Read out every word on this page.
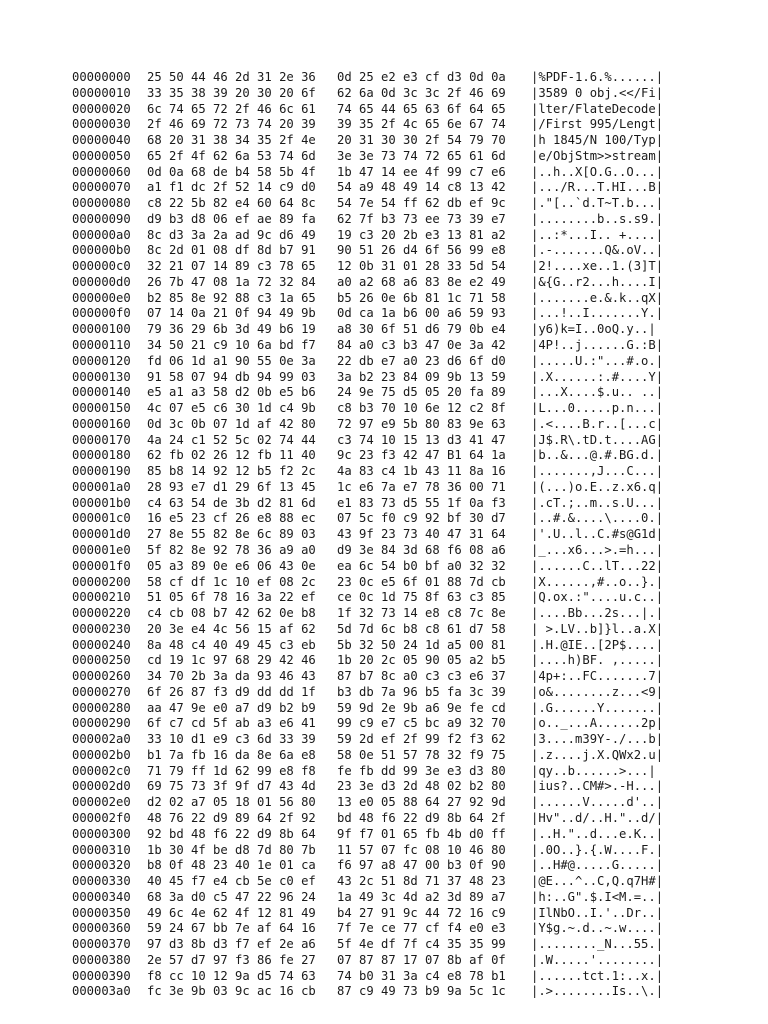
00000000 25 50 44 46 2d 31 2e 36 0d 25 e2 e3 cf d3 0d 0a |%PDF-1.6.%......|
00000010 33 35 38 39 20 30 20 6f 62 6a 0d 3c 3c 2f 46 69 |3589 0 obj.<</Fi|
00000020 6c 74 65 72 2f 46 6c 61 74 65 44 65 63 6f 64 65 |lter/FlateDecode|
00000030 2f 46 69 72 73 74 20 39 39 35 2f 4c 65 6e 67 74 |/First 995/Lengt|
00000040 68 20 31 38 34 35 2f 4e 20 31 30 30 2f 54 79 70 |h 1845/N 100/Typ|
00000050 65 2f 4f 62 6a 53 74 6d 3e 3e 73 74 72 65 61 6d |e/ObjStm>>stream|
00000060 0d 0a 68 de b4 58 5b 4f 1b 47 14 ee 4f 99 c7 e6 |..h..X[O.G..O...|
00000070 a1 f1 dc 2f 52 14 c9 d0 54 a9 48 49 14 c8 13 42 |.../R...T.HI...B|
00000080 c8 22 5b 82 e4 60 64 8c 54 7e 54 ff 62 db ef 9c |."[..`d.T~T.b...|
00000090 d9 b3 d8 06 ef ae 89 fa 62 7f b3 73 ee 73 39 e7 |........b..s.s9.|
000000a0 8c d3 3a 2a ad 9c d6 49 19 c3 20 2b e3 13 81 a2 |..:*...I.. +....|
000000b0 8c 2d 01 08 df 8d b7 91 90 51 26 d4 6f 56 99 e8 |.-.......Q&.oV..|
000000c0 32 21 07 14 89 c3 78 65 12 0b 31 01 28 33 5d 54 |2!....xe..1.(3]T|
000000d0 26 7b 47 08 1a 72 32 84 a0 a2 68 a6 83 8e e2 49 |&{G..r2...h....I|
000000e0 b2 85 8e 92 88 c3 1a 65 b5 26 0e 6b 81 1c 71 58 |.......e.&.k..qX|
000000f0 07 14 0a 21 0f 94 49 9b 0d ca 1a b6 00 a6 59 93 |...!..I.......Y.|
00000100 79 36 29 6b 3d 49 b6 19 a8 30 6f 51 d6 79 0b e4 |y6)k=I..0oQ.y..|
00000110 34 50 21 c9 10 6a bd f7 84 a0 c3 b3 47 0e 3a 42 |4P!..j......G.:B|
00000120 fd 06 1d a1 90 55 0e 3a 22 db e7 a0 23 d6 6f d0 |.....U.:"...#.o.|
00000130 91 58 07 94 db 94 99 03 3a b2 23 84 09 9b 13 59 |.X......:.#....Y|
00000140 e5 a1 a3 58 d2 0b e5 b6 24 9e 75 d5 05 20 fa 89 |...X....$.u.. ..|
00000150 4c 07 e5 c6 30 1d c4 9b c8 b3 70 10 6e 12 c2 8f |L...0.....p.n...|
00000160 0d 3c 0b 07 1d af 42 80 72 97 e9 5b 80 83 9e 63 |.<....B.r..[...c|
00000170 4a 24 c1 52 5c 02 74 44 c3 74 10 15 13 d3 41 47 |J$.R\.tD.t....AG|
00000180 62 fb 02 26 12 fb 11 40 9c 23 f3 42 47 B1 64 1a |b..&...@.#.BG.d.|
00000190 85 b8 14 92 12 b5 f2 2c 4a 83 c4 1b 43 11 8a 16 |.......,J...C...|
000001a0 28 93 e7 d1 29 6f 13 45 1c e6 7a e7 78 36 00 71 |(...)o.E..z.x6.q|
000001b0 c4 63 54 de 3b d2 81 6d e1 83 73 d5 55 1f 0a f3 |.cT.;..m..s.U...|
000001c0 16 e5 23 cf 26 e8 88 ec 07 5c f0 c9 92 bf 30 d7 |..#.&....\....0.|
000001d0 27 8e 55 82 8e 6c 89 03 43 9f 23 73 40 47 31 64 |'.U..l..C.#s@G1d|
000001e0 5f 82 8e 92 78 36 a9 a0 d9 3e 84 3d 68 f6 08 a6 |_...x6...>.=h...|
000001f0 05 a3 89 0e e6 06 43 0e ea 6c 54 b0 bf a0 32 32 |......C..lT...22|
00000200 58 cf df 1c 10 ef 08 2c 23 0c e5 6f 01 88 7d cb |X......,#..o..}.|
00000210 51 05 6f 78 16 3a 22 ef ce 0c 1d 75 8f 63 c3 85 |Q.ox.:"....u.c..|
00000220 c4 cb 08 b7 42 62 0e b8 1f 32 73 14 e8 c8 7c 8e |....Bb...2s...|.|
00000230 20 3e e4 4c 56 15 af 62 5d 7d 6c b8 c8 61 d7 58 | >.LV..b]}l..a.X|
00000240 8a 48 c4 40 49 45 c3 eb 5b 32 50 24 1d a5 00 81 |.H.@IE..[2P$....|
00000250 cd 19 1c 97 68 29 42 46 1b 20 2c 05 90 05 a2 b5 |....h)BF. ,.....|
00000260 34 70 2b 3a da 93 46 43 87 b7 8c a0 c3 c3 e6 37 |4p+:..FC.......7|
00000270 6f 26 87 f3 d9 dd dd 1f b3 db 7a 96 b5 fa 3c 39 |o&........z...<9|
00000280 aa 47 9e e0 a7 d9 b2 b9 59 9d 2e 9b a6 9e fe cd |.G......Y.......|
00000290 6f c7 cd 5f ab a3 e6 41 99 c9 e7 c5 bc a9 32 70 |o.._...A......2p|
000002a0 33 10 d1 e9 c3 6d 33 39 59 2d ef 2f 99 f2 f3 62 |3....m39Y-./...b|
000002b0 b1 7a fb 16 da 8e 6a e8 58 0e 51 57 78 32 f9 75 |.z....j.X.QWx2.u|
000002c0 71 79 ff 1d 62 99 e8 f8 fe fb dd 99 3e e3 d3 80 |qy..b......>...|
000002d0 69 75 73 3f 9f d7 43 4d 23 3e d3 2d 48 02 b2 80 |ius?..CM#>.-H...|
000002e0 d2 02 a7 05 18 01 56 80 13 e0 05 88 64 27 92 9d |......V.....d'..|
000002f0 48 76 22 d9 89 64 2f 92 bd 48 f6 22 d9 8b 64 2f |Hv"..d/..H."..d/|
00000300 92 bd 48 f6 22 d9 8b 64 9f f7 01 65 fb 4b d0 ff |..H."..d...e.K..|
00000310 1b 30 4f be d8 7d 80 7b 11 57 07 fc 08 10 46 80 |.0O..}.{.W....F.|
00000320 b8 0f 48 23 40 1e 01 ca f6 97 a8 47 00 b3 0f 90 |..H#@.....G.....|
00000330 40 45 f7 e4 cb 5e c0 ef 43 2c 51 8d 71 37 48 23 |@E...^..C,Q.q7H#|
00000340 68 3a d0 c5 47 22 96 24 1a 49 3c 4d a2 3d 89 a7 |h:..G".$.I<M.=..|
00000350 49 6c 4e 62 4f 12 81 49 b4 27 91 9c 44 72 16 c9 |IlNbO..I.'..Dr..|
00000360 59 24 67 bb 7e af 64 16 7f 7e ce 77 cf f4 e0 e3 |Y$g.~.d..~.w....|
00000370 97 d3 8b d3 f7 ef 2e a6 5f 4e df 7f c4 35 35 99 |........_N...55.|
00000380 2e 57 d7 97 f3 86 fe 27 07 87 87 17 07 8b af 0f |.W.....'........|
00000390 f8 cc 10 12 9a d5 74 63 74 b0 31 3a c4 e8 78 b1 |......tct.1:..x.|
000003a0 fc 3e 9b 03 9c ac 16 cb 87 c9 49 73 b9 9a 5c 1c |.>........Is..\.|
